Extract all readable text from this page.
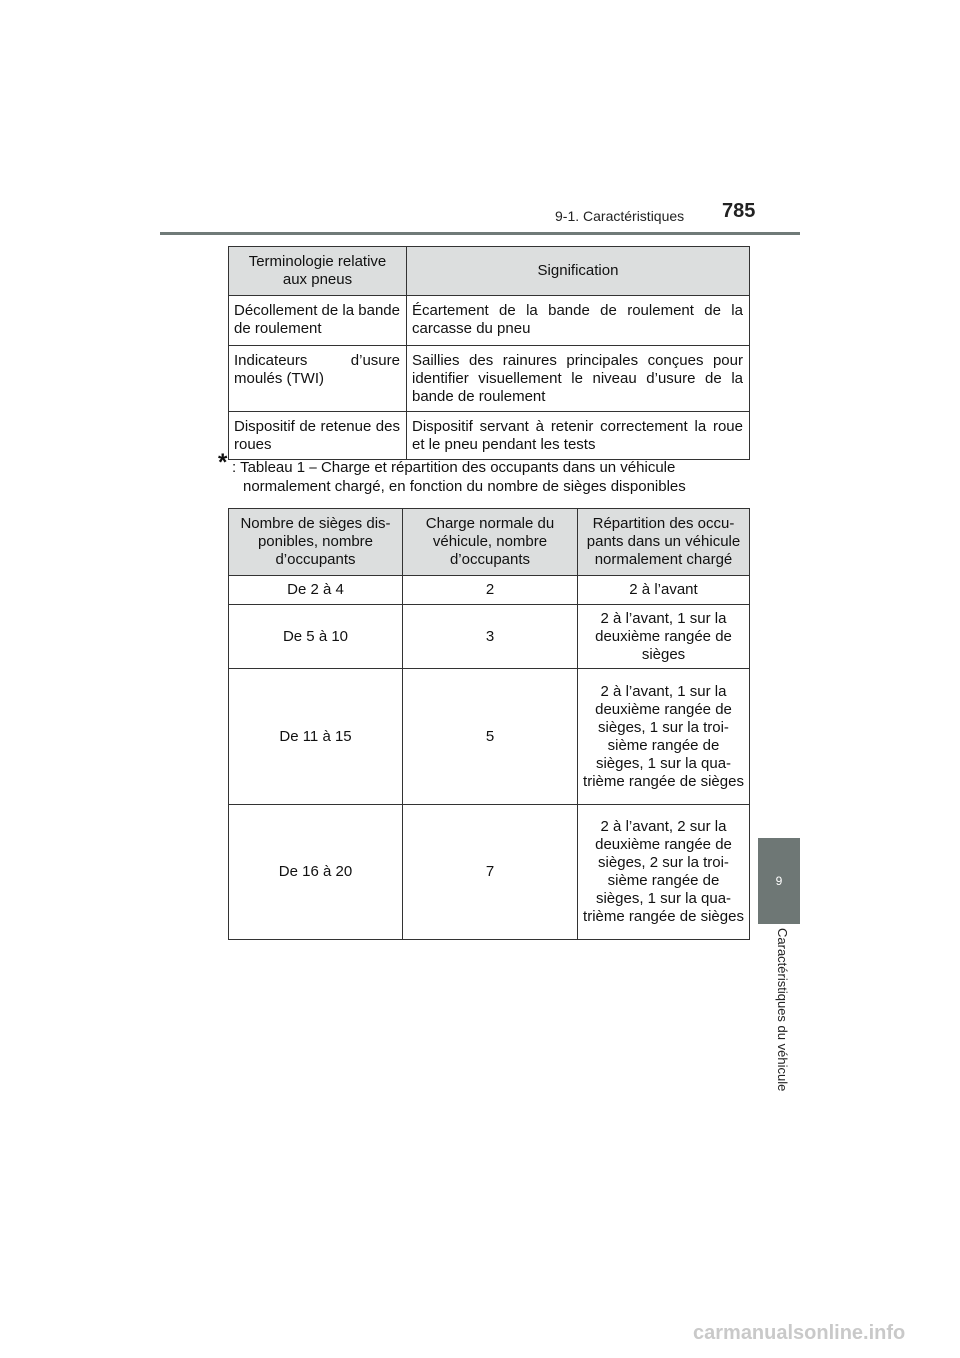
9-1. Caractéristiques 785
9
Caractéristiques du véhicule
Terminologie relative aux pneus	Signification
Décollement de la bande de roulement	Écartement de la bande de roulement de la carcasse du pneu
Indicateurs d’usure moulés (TWI)	Saillies des rainures principales conçues pour identifier visuellement le niveau d’usure de la bande de roulement
Dispositif de retenue des roues	Dispositif servant à retenir correctement la roue et le pneu pendant les tests
* : Tableau 1 ⎯ Charge et répartition des occupants dans un véhicule
normalement chargé, en fonction du nombre de sièges disponibles
Nombre de sièges dis-ponibles, nombre d’occupants	Charge normale du véhicule, nombre d’occupants	Répartition des occu-pants dans un véhicule normalement chargé
De 2 à 4	2	2 à l’avant
De 5 à 10	3	2 à l’avant, 1 sur la deuxième rangée de sièges
De 11 à 15	5	2 à l’avant, 1 sur la deuxième rangée de sièges, 1 sur la troi-sième rangée de sièges, 1 sur la qua-trième rangée de sièges
De 16 à 20	7	2 à l’avant, 2 sur la deuxième rangée de sièges, 2 sur la troi-sième rangée de sièges, 1 sur la qua-trième rangée de sièges
carmanualsonline.info
